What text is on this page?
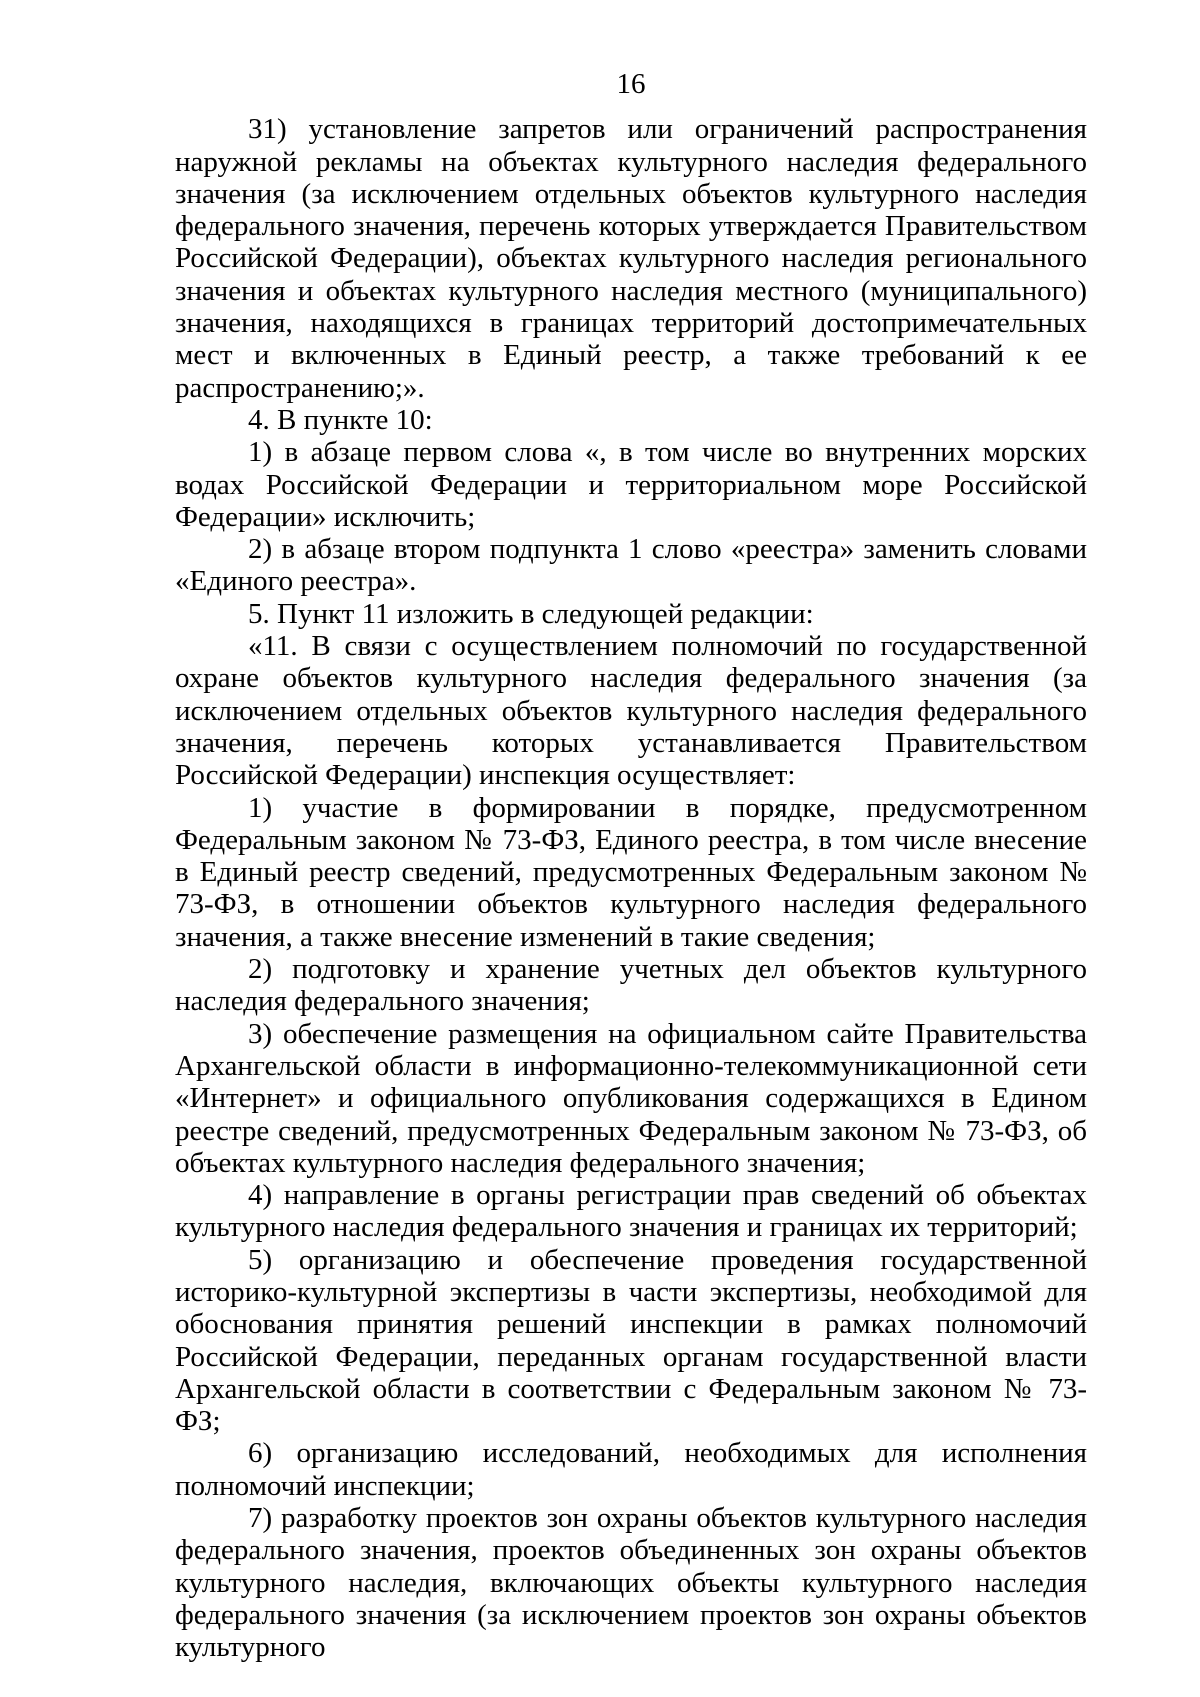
16

31) установление запретов или ограничений распространения наружной рекламы на объектах культурного наследия федерального значения (за исключением отдельных объектов культурного наследия федерального значения, перечень которых утверждается Правительством Российской Федерации), объектах культурного наследия регионального значения и объектах культурного наследия местного (муниципального) значения, находящихся в границах территорий достопримечательных мест и включенных в Единый реестр, а также требований к ее распространению;».

4. В пункте 10:

1) в абзаце первом слова «, в том числе во внутренних морских водах Российской Федерации и территориальном море Российской Федерации» исключить;

2) в абзаце втором подпункта 1 слово «реестра» заменить словами «Единого реестра».

5. Пункт 11 изложить в следующей редакции:

«11. В связи с осуществлением полномочий по государственной охране объектов культурного наследия федерального значения (за исключением отдельных объектов культурного наследия федерального значения, перечень которых устанавливается Правительством Российской Федерации) инспекция осуществляет:

1) участие в формировании в порядке, предусмотренном Федеральным законом № 73-ФЗ, Единого реестра, в том числе внесение в Единый реестр сведений, предусмотренных Федеральным законом № 73-ФЗ, в отношении объектов культурного наследия федерального значения, а также внесение изменений в такие сведения;

2) подготовку и хранение учетных дел объектов культурного наследия федерального значения;

3) обеспечение размещения на официальном сайте Правительства Архангельской области в информационно-телекоммуникационной сети «Интернет» и официального опубликования содержащихся в Едином реестре сведений, предусмотренных Федеральным законом № 73-ФЗ, об объектах культурного наследия федерального значения;

4) направление в органы регистрации прав сведений об объектах культурного наследия федерального значения и границах их территорий;

5) организацию и обеспечение проведения государственной историко-культурной экспертизы в части экспертизы, необходимой для обоснования принятия решений инспекции в рамках полномочий Российской Федерации, переданных органам государственной власти Архангельской области в соответствии с Федеральным законом № 73-ФЗ;

6) организацию исследований, необходимых для исполнения полномочий инспекции;

7) разработку проектов зон охраны объектов культурного наследия федерального значения, проектов объединенных зон охраны объектов культурного наследия, включающих объекты культурного наследия федерального значения (за исключением проектов зон охраны объектов культурного
